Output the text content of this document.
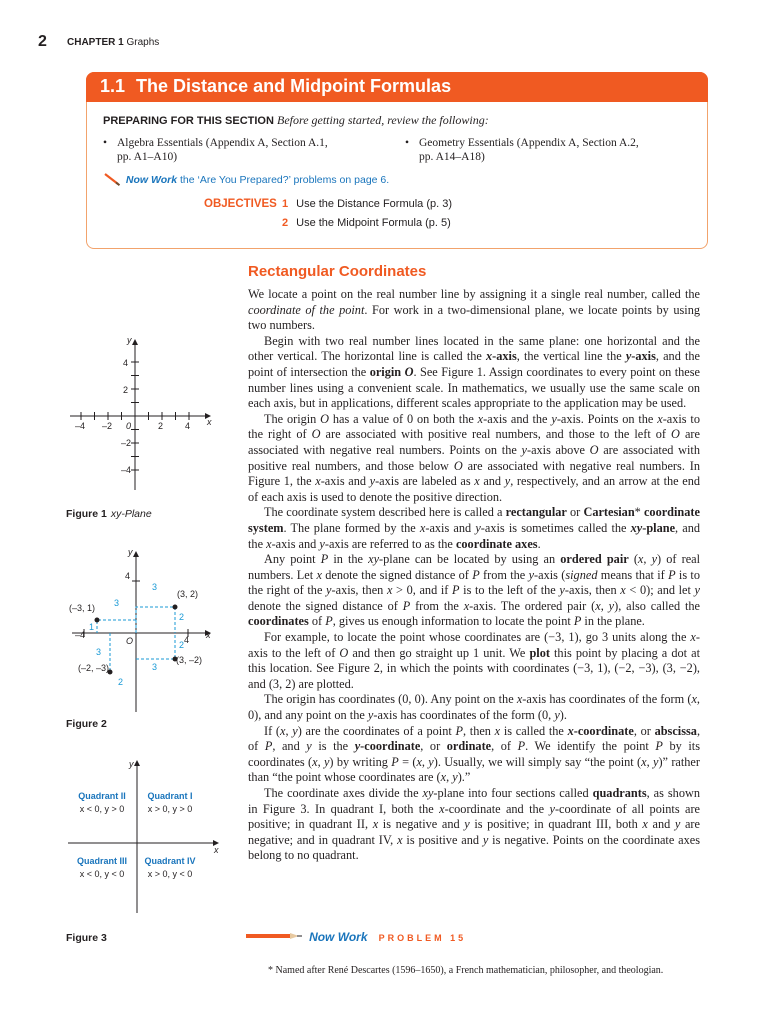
2 CHAPTER 1 Graphs
1.1 The Distance and Midpoint Formulas
PREPARING FOR THIS SECTION Before getting started, review the following:
• Algebra Essentials (Appendix A, Section A.1,
pp. A1–A10)
• Geometry Essentials (Appendix A, Section A.2,
pp. A14–A18)
Now Work the ‘Are You Prepared?’ problems on page 6.
OBJECTIVES 1 Use the Distance Formula (p. 3)
2 Use the Midpoint Formula (p. 5)
Rectangular Coordinates

We locate a point on the real number line by assigning it a single real number, called the coordinate of the point. For work in a two-dimensional plane, we locate points by using two numbers.

Begin with two real number lines located in the same plane: one horizontal and the other vertical. The horizontal line is called the x-axis, the vertical line the y-axis, and the point of intersection the origin O. See Figure 1. Assign coordinates to every point on these number lines using a convenient scale. In mathematics, we usually use the same scale on each axis, but in applications, different scales appropriate to the application may be used.

The origin O has a value of 0 on both the x-axis and the y-axis. Points on the x-axis to the right of O are associated with positive real numbers, and those to the left of O are associated with negative real numbers. Points on the y-axis above O are associated with positive real numbers, and those below O are associated with negative real numbers. In Figure 1, the x-axis and y-axis are labeled as x and y, respectively, and an arrow at the end of each axis is used to denote the positive direction.

The coordinate system described here is called a rectangular or Cartesian* coordinate system. The plane formed by the x-axis and y-axis is sometimes called the xy-plane, and the x-axis and y-axis are referred to as the coordinate axes.

Any point P in the xy-plane can be located by using an ordered pair (x, y) of real numbers. Let x denote the signed distance of P from the y-axis (signed means that if P is to the right of the y-axis, then x > 0, and if P is to the left of the y-axis, then x < 0); and let y denote the signed distance of P from the x-axis. The ordered pair (x, y), also called the coordinates of P, gives us enough information to locate the point P in the plane.

For example, to locate the point whose coordinates are (−3, 1), go 3 units along the x-axis to the left of O and then go straight up 1 unit. We plot this point by placing a dot at this location. See Figure 2, in which the points with coordinates (−3, 1), (−2, −3), (3, −2), and (3, 2) are plotted.

The origin has coordinates (0, 0). Any point on the x-axis has coordinates of the form (x, 0), and any point on the y-axis has coordinates of the form (0, y).

If (x, y) are the coordinates of a point P, then x is called the x-coordinate, or abscissa, of P, and y is the y-coordinate, or ordinate, of P. We identify the point P by its coordinates (x, y) by writing P = (x, y). Usually, we will simply say “the point (x, y)” rather than “the point whose coordinates are (x, y).”

The coordinate axes divide the xy-plane into four sections called quadrants, as shown in Figure 3. In quadrant I, both the x-coordinate and the y-coordinate of all points are positive; in quadrant II, x is negative and y is positive; in quadrant III, both x and y are negative; and in quadrant IV, x is positive and y is negative. Points on the coordinate axes belong to no quadrant.

–4 –2 0	2 4 x
4
2
–2
–4
y
Figure 1 xy-Plane
(3, 2)
(–3, 1)
(–2, –3)
(3, –2)
–4
O	4 x
4
y
3
2
3
1
2
3
3
2
Figure 2
x
y
Quadrant II
x < 0, y > 0
Quadrant I
x > 0, y > 0
Quadrant III
x < 0, y < 0
Quadrant IV
x > 0, y < 0
Figure 3	Now Work PROBLEM 15
* Named after René Descartes (1596–1650), a French mathematician, philosopher, and theologian.
